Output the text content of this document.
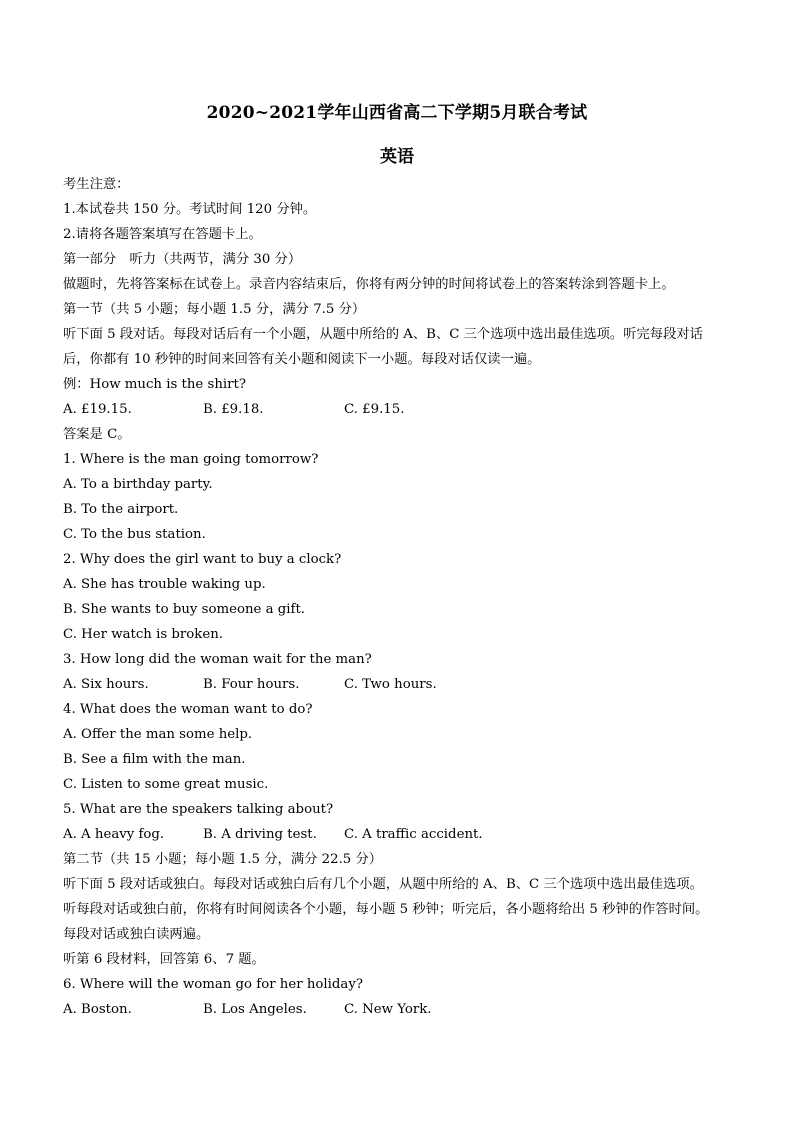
2020~2021学年山西省高二下学期5月联合考试
英语
考生注意：
1.本试卷共 150 分。考试时间 120 分钟。
2.请将各题答案填写在答题卡上。
第一部分　听力（共两节，满分 30 分）
做题时，先将答案标在试卷上。录音内容结束后，你将有两分钟的时间将试卷上的答案转涂到答题卡上。
第一节（共 5 小题；每小题 1.5 分，满分 7.5 分）
听下面 5 段对话。每段对话后有一个小题，从题中所给的 A、B、C 三个选项中选出最佳选项。听完每段对话
后，你都有 10 秒钟的时间来回答有关小题和阅读下一小题。每段对话仅读一遍。
例：How much is the shirt?
A. £19.15.	B. £9.18.	C. £9.15.
答案是 C。
1. Where is the man going tomorrow?
A. To a birthday party.
B. To the airport.
C. To the bus station.
2. Why does the girl want to buy a clock?
A. She has trouble waking up.
B. She wants to buy someone a gift.
C. Her watch is broken.
3. How long did the woman wait for the man?
A. Six hours.	B. Four hours.	C. Two hours.
4. What does the woman want to do?
A. Offer the man some help.
B. See a film with the man.
C. Listen to some great music.
5. What are the speakers talking about?
A. A heavy fog.	B. A driving test.	C. A traffic accident.
第二节（共 15 小题；每小题 1.5 分，满分 22.5 分）
听下面 5 段对话或独白。每段对话或独白后有几个小题，从题中所给的 A、B、C 三个选项中选出最佳选项。
听每段对话或独白前，你将有时间阅读各个小题，每小题 5 秒钟；听完后，各小题将给出 5 秒钟的作答时间。
每段对话或独白读两遍。
听第 6 段材料，回答第 6、7 题。
6. Where will the woman go for her holiday?
A. Boston.	B. Los Angeles.	C. New York.
